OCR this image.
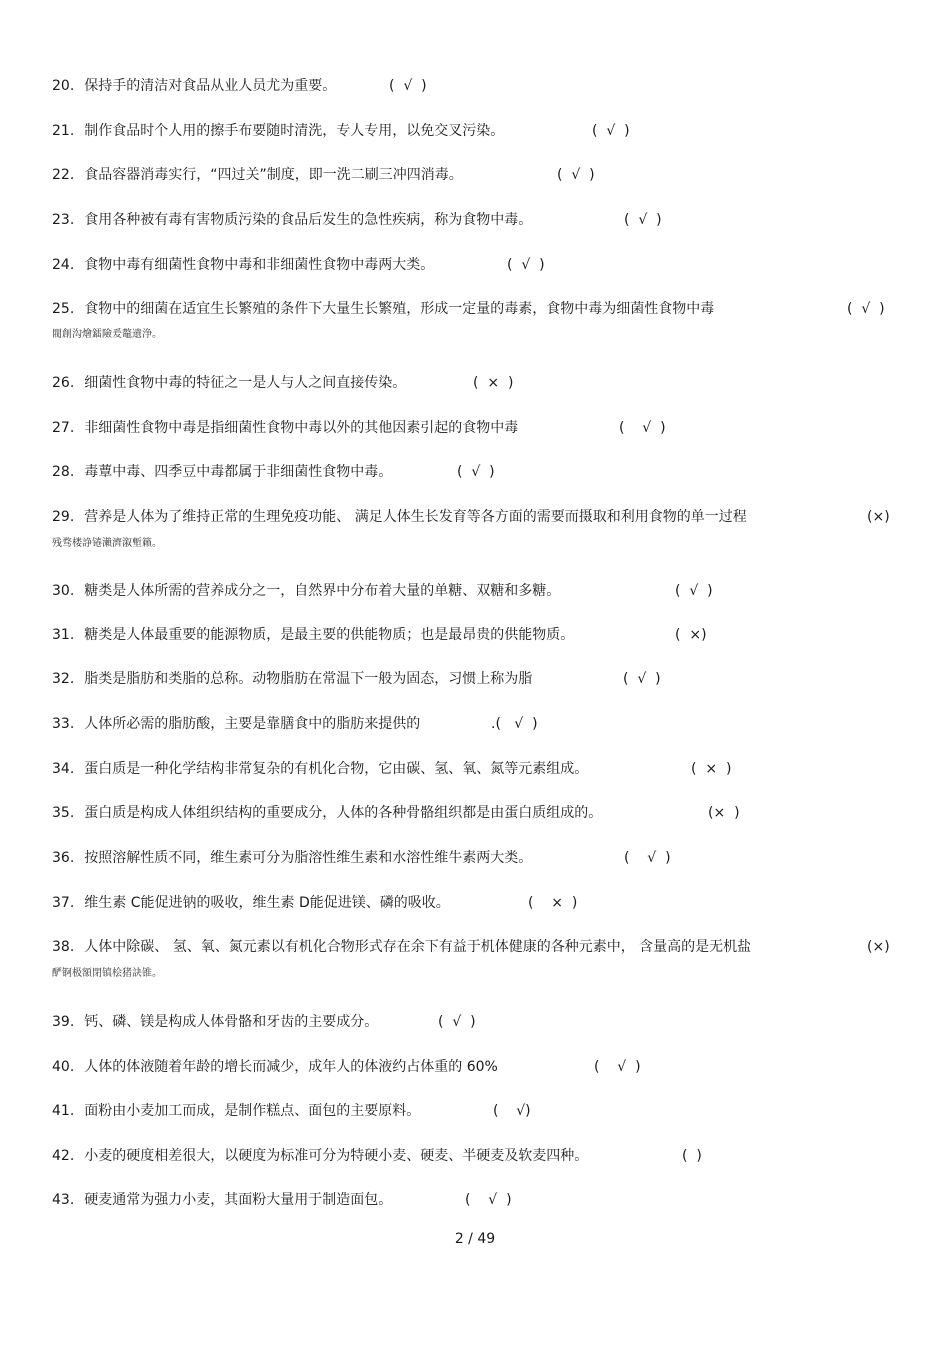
20. 保持手的清洁对食品从业人员尤为重要。	(  √  )
21. 制作食品时个人用的擦手布要随时清洗，专人专用，以免交叉污染。	(  √  )
22. 食品容器消毒实行，“四过关”制度，即一洗二刷三冲四消毒。	(  √  )
23. 食用各种被有毒有害物质污染的食品后发生的急性疾病，称为食物中毒。	(  √  )
24. 食物中毒有细菌性食物中毒和非细菌性食物中毒两大类。	(  √  )
25. 食物中的细菌在适宜生长繁殖的条件下大量生长繁殖，形成一定量的毒素，食物中毒为细菌性食物中毒	(  √  )
閥創沟燴鐳險爰鼇遺浄。
26. 细菌性食物中毒的特征之一是人与人之间直接传染。	(  ×  )
27. 非细菌性食物中毒是指细菌性食物中毒以外的其他因素引起的食物中毒	(    √  )
28. 毒蕈中毒、四季豆中毒都属于非细菌性食物中毒。	(  √  )
29. 营养是人体为了维持正常的生理免疫功能、 满足人体生长发育等各方面的需要而摄取和利用食物的单一过程	(×)
残骛楼諍锩瀨濟溆塹籟。
30. 糖类是人体所需的营养成分之一，自然界中分布着大量的单糖、双糖和多糖。	(  √  )
31. 糖类是人体最重要的能源物质，是最主要的供能物质；也是最昂贵的供能物质。	(  ×)
32. 脂类是脂肪和类脂的总称。动物脂肪在常温下一般为固态，习惯上称为脂	(  √  )
33. 人体所必需的脂肪酸，主要是靠膳食中的脂肪来提供的	.(   √  )
34. 蛋白质是一种化学结构非常复杂的有机化合物，它由碳、氢、氧、氮等元素组成。	(  ×  )
35. 蛋白质是构成人体组织结构的重要成分，人体的各种骨骼组织都是由蛋白质组成的。	(×  )
36. 按照溶解性质不同，维生素可分为脂溶性维生素和水溶性维牛素两大类。	(    √  )
37. 维生素 C能促进钠的吸收，维生素 D能促进镁、磷的吸收。	(    ×  )
38. 人体中除碳、 氢、氧、氮元素以有机化合物形式存在余下有益于机体健康的各种元素中， 含量高的是无机盐	(×)
酽锕极額閉镇桧猪訣锥。
39. 钙、磷、镁是构成人体骨骼和牙齿的主要成分。	(  √  )
40. 人体的体液随着年龄的增长而减少，成年人的体液约占体重的 60%	(    √  )
41. 面粉由小麦加工而成，是制作糕点、面包的主要原料。	(    √)
42. 小麦的硬度相差很大，以硬度为标准可分为特硬小麦、硬麦、半硬麦及软麦四种。	(  )
43. 硬麦通常为强力小麦，其面粉大量用于制造面包。	(    √  )
2 / 49
